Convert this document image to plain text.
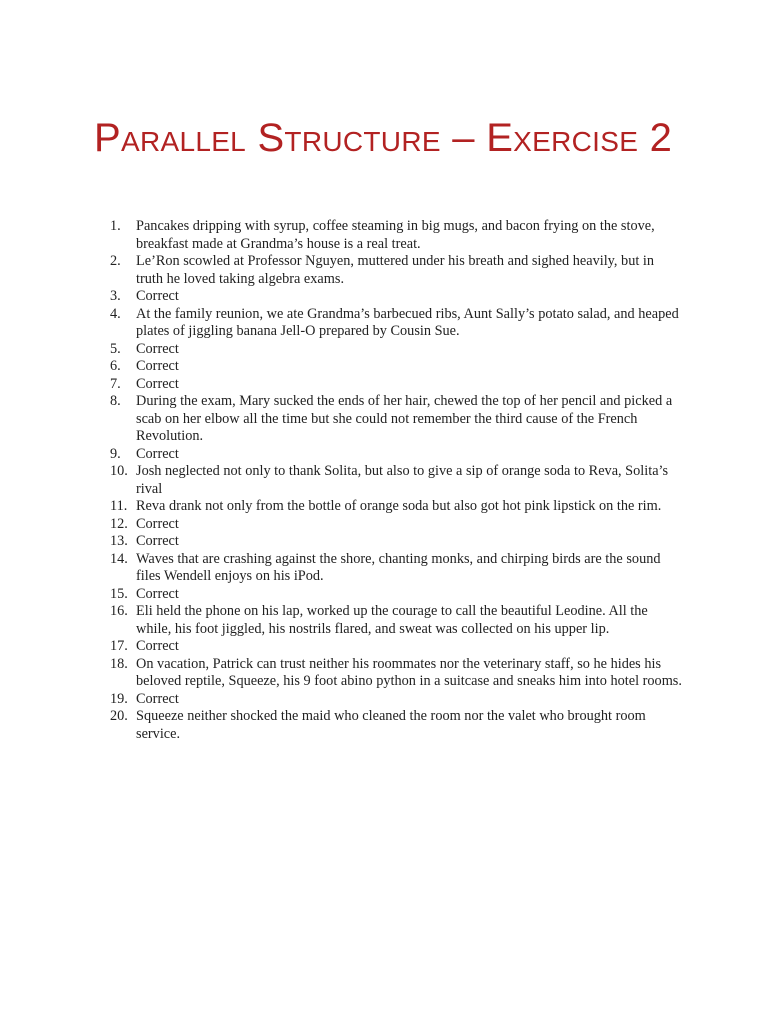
Parallel Structure – Exercise 2
1.	Pancakes dripping with syrup, coffee steaming in big mugs, and bacon frying on the stove, breakfast made at Grandma’s house is a real treat.
2.	Le’Ron scowled at Professor Nguyen, muttered under his breath and sighed heavily, but in truth he loved taking algebra exams.
3.	Correct
4.	At the family reunion, we ate Grandma’s barbecued ribs, Aunt Sally’s potato salad, and heaped plates of jiggling banana Jell-O prepared by Cousin Sue.
5.	Correct
6.	Correct
7.	Correct
8.	During the exam, Mary sucked the ends of her hair, chewed the top of her pencil and picked a scab on her elbow all the time but she could not remember the third cause of the French Revolution.
9.	Correct
10. Josh neglected not only to thank Solita, but also to give a sip of orange soda to Reva, Solita’s rival
11. Reva drank not only from the bottle of orange soda but also got hot pink lipstick on the rim.
12. Correct
13. Correct
14. Waves that are crashing against the shore, chanting monks, and chirping birds are the sound files Wendell enjoys on his iPod.
15. Correct
16. Eli held the phone on his lap, worked up the courage to call the beautiful Leodine. All the while, his foot jiggled, his nostrils flared, and sweat was collected on his upper lip.
17. Correct
18. On vacation, Patrick can trust neither his roommates nor the veterinary staff, so he hides his beloved reptile, Squeeze, his 9 foot abino python in a suitcase and sneaks him into hotel rooms.
19. Correct
20. Squeeze neither shocked the maid who cleaned the room nor the valet who brought room service.
